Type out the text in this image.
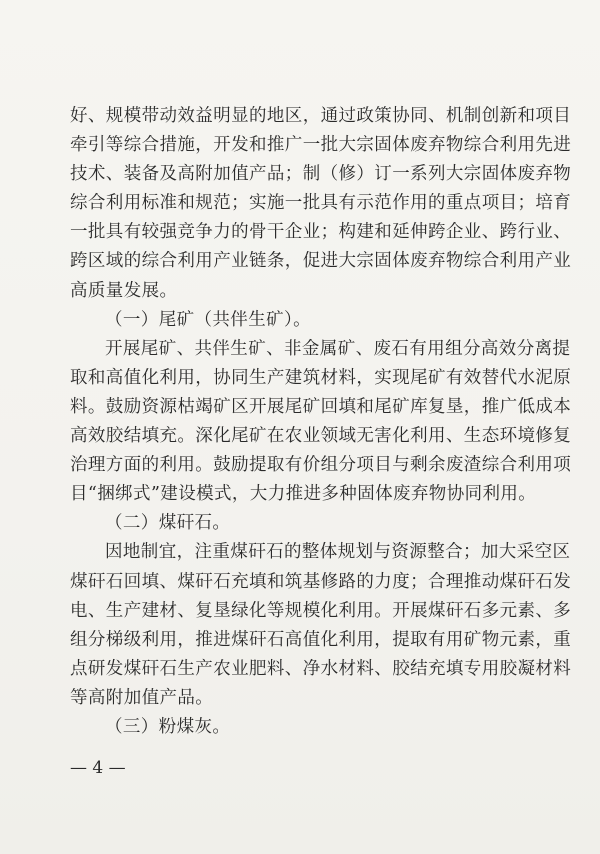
好、规模带动效益明显的地区，通过政策协同、机制创新和项目
牵引等综合措施，开发和推广一批大宗固体废弃物综合利用先进
技术、装备及高附加值产品；制（修）订一系列大宗固体废弃物
综合利用标准和规范；实施一批具有示范作用的重点项目；培育
一批具有较强竞争力的骨干企业；构建和延伸跨企业、跨行业、
跨区域的综合利用产业链条，促进大宗固体废弃物综合利用产业
高质量发展。
（一）尾矿（共伴生矿）。
开展尾矿、共伴生矿、非金属矿、废石有用组分高效分离提
取和高值化利用，协同生产建筑材料，实现尾矿有效替代水泥原
料。鼓励资源枯竭矿区开展尾矿回填和尾矿库复垦，推广低成本
高效胶结填充。深化尾矿在农业领域无害化利用、生态环境修复
治理方面的利用。鼓励提取有价组分项目与剩余废渣综合利用项
目“捆绑式”建设模式，大力推进多种固体废弃物协同利用。
（二）煤矸石。
因地制宜，注重煤矸石的整体规划与资源整合；加大采空区
煤矸石回填、煤矸石充填和筑基修路的力度；合理推动煤矸石发
电、生产建材、复垦绿化等规模化利用。开展煤矸石多元素、多
组分梯级利用，推进煤矸石高值化利用，提取有用矿物元素，重
点研发煤矸石生产农业肥料、净水材料、胶结充填专用胶凝材料
等高附加值产品。
（三）粉煤灰。
— 4 —
